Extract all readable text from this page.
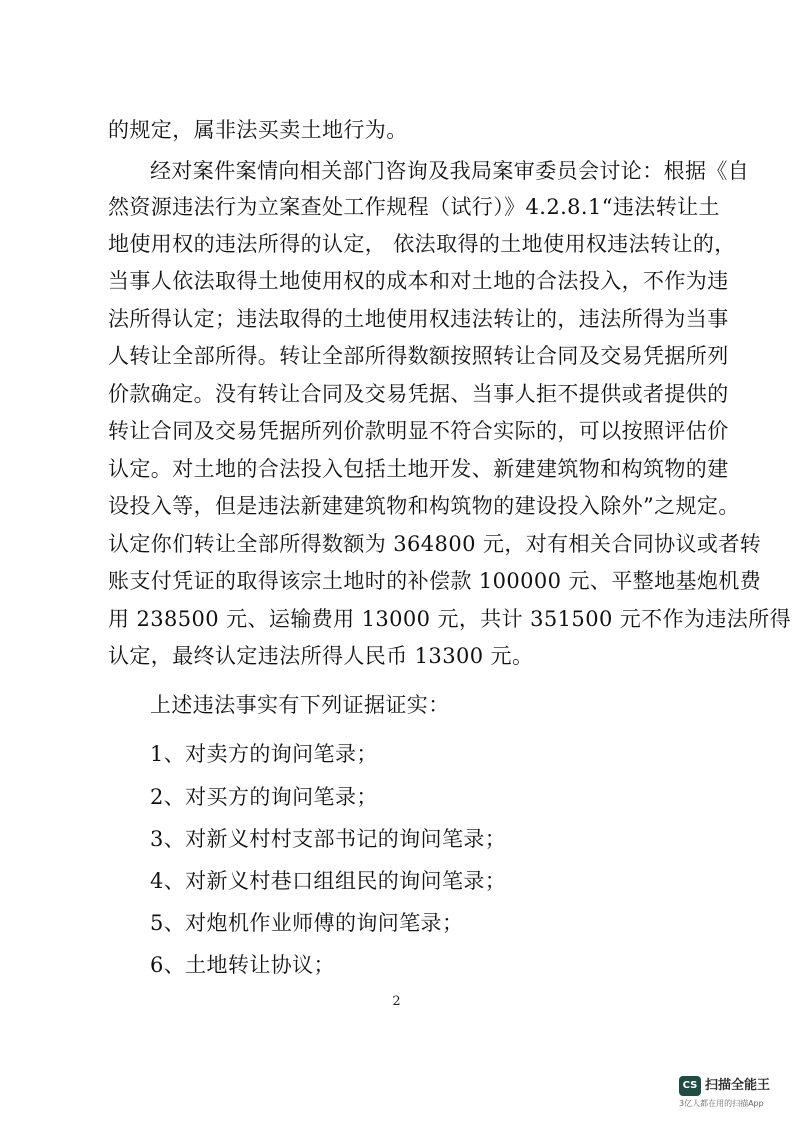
的规定，属非法买卖土地行为。
经对案件案情向相关部门咨询及我局案审委员会讨论：根据《自
然资源违法行为立案查处工作规程（试行）》4.2.8.1“违法转让土
地使用权的违法所得的认定， 依法取得的土地使用权违法转让的，
当事人依法取得土地使用权的成本和对土地的合法投入，不作为违
法所得认定；违法取得的土地使用权违法转让的，违法所得为当事
人转让全部所得。转让全部所得数额按照转让合同及交易凭据所列
价款确定。没有转让合同及交易凭据、当事人拒不提供或者提供的
转让合同及交易凭据所列价款明显不符合实际的，可以按照评估价
认定。对土地的合法投入包括土地开发、新建建筑物和构筑物的建
设投入等，但是违法新建建筑物和构筑物的建设投入除外”之规定。
认定你们转让全部所得数额为 364800 元，对有相关合同协议或者转
账支付凭证的取得该宗土地时的补偿款 100000 元、平整地基炮机费
用 238500 元、运输费用 13000 元，共计 351500 元不作为违法所得
认定，最终认定违法所得人民币 13300 元。
上述违法事实有下列证据证实：
1、对卖方的询问笔录；
2、对买方的询问笔录；
3、对新义村村支部书记的询问笔录；
4、对新义村巷口组组民的询问笔录；
5、对炮机作业师傅的询问笔录；
6、土地转让协议；
2
CS 扫描全能王
3亿人都在用的扫描App
